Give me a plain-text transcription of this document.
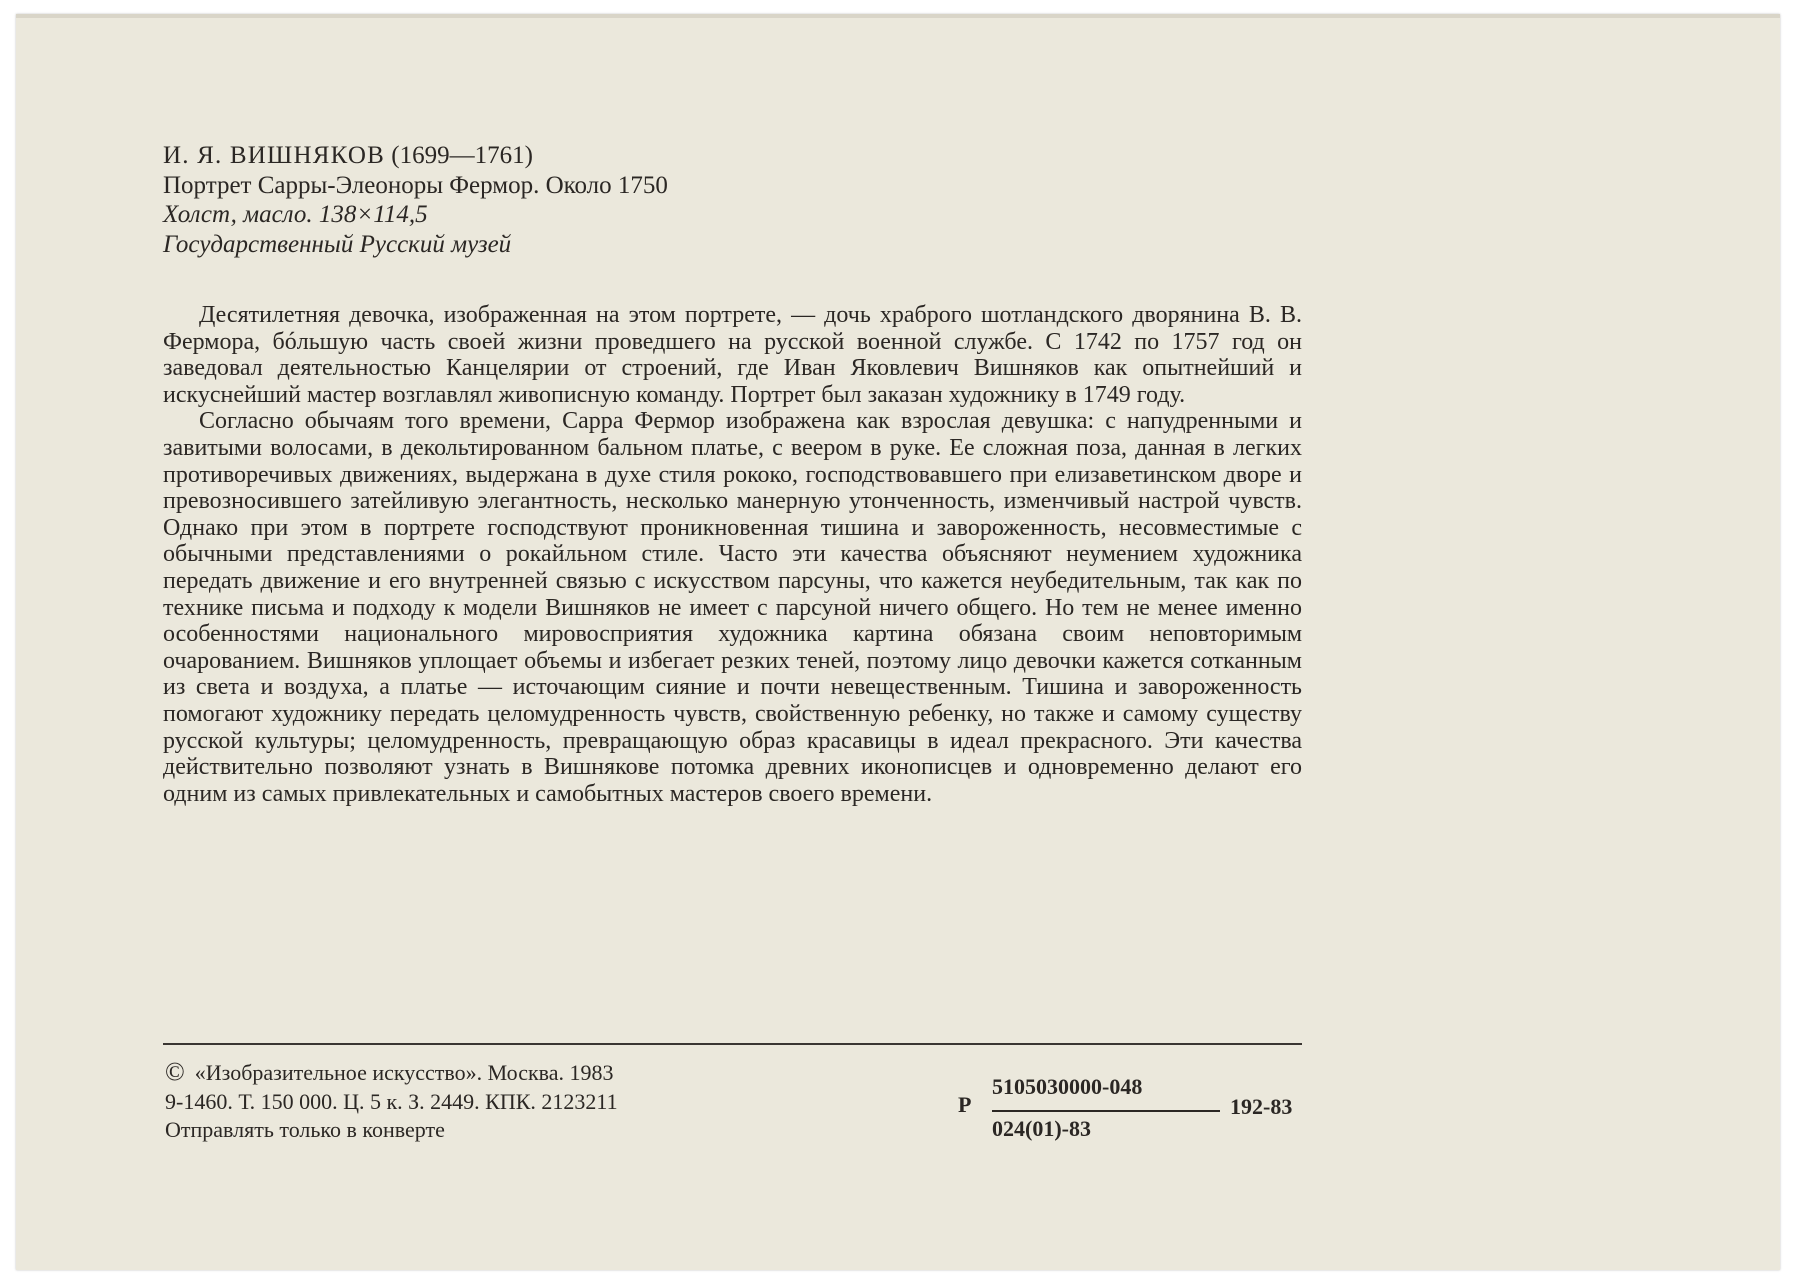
И. Я. ВИШНЯКОВ (1699—1761)
Портрет Сарры-Элеоноры Фермор. Около 1750
Холст, масло. 138×114,5
Государственный Русский музей

Десятилетняя девочка, изображенная на этом портрете, — дочь храброго шотландского дворянина В. В. Фермора, бóльшую часть своей жизни проведшего на русской военной службе. С 1742 по 1757 год он заведовал деятельностью Канцелярии от строений, где Иван Яковлевич Вишняков как опытнейший и искуснейший мастер возглавлял живописную команду. Портрет был заказан художнику в 1749 году.

Согласно обычаям того времени, Сарра Фермор изображена как взрослая девушка: с напудренными и завитыми волосами, в декольтированном бальном платье, с веером в руке. Ее сложная поза, данная в легких противоречивых движениях, выдержана в духе стиля рококо, господствовавшего при елизаветинском дворе и превозносившего затейливую элегантность, несколько манерную утонченность, изменчивый настрой чувств. Однако при этом в портрете господствуют проникновенная тишина и завороженность, несовместимые с обычными представлениями о рокайльном стиле. Часто эти качества объясняют неумением художника передать движение и его внутренней связью с искусством парсуны, что кажется неубедительным, так как по технике письма и подходу к модели Вишняков не имеет с парсуной ничего общего. Но тем не менее именно особенностями национального мировосприятия художника картина обязана своим неповторимым очарованием. Вишняков уплощает объемы и избегает резких теней, поэтому лицо девочки кажется сотканным из света и воздуха, а платье — источающим сияние и почти невещественным. Тишина и завороженность помогают художнику передать целомудренность чувств, свойственную ребенку, но также и самому существу русской культуры; целомудренность, превращающую образ красавицы в идеал прекрасного. Эти качества действительно позволяют узнать в Вишнякове потомка древних иконописцев и одновременно делают его одним из самых привлекательных и самобытных мастеров своего времени.

© «Изобразительное искусство». Москва. 1983
9-1460. Т. 150 000. Ц. 5 к. З. 2449. КПК. 2123211
Отправлять только в конверте
Р
5105030000-048
024(01)-83
192-83
